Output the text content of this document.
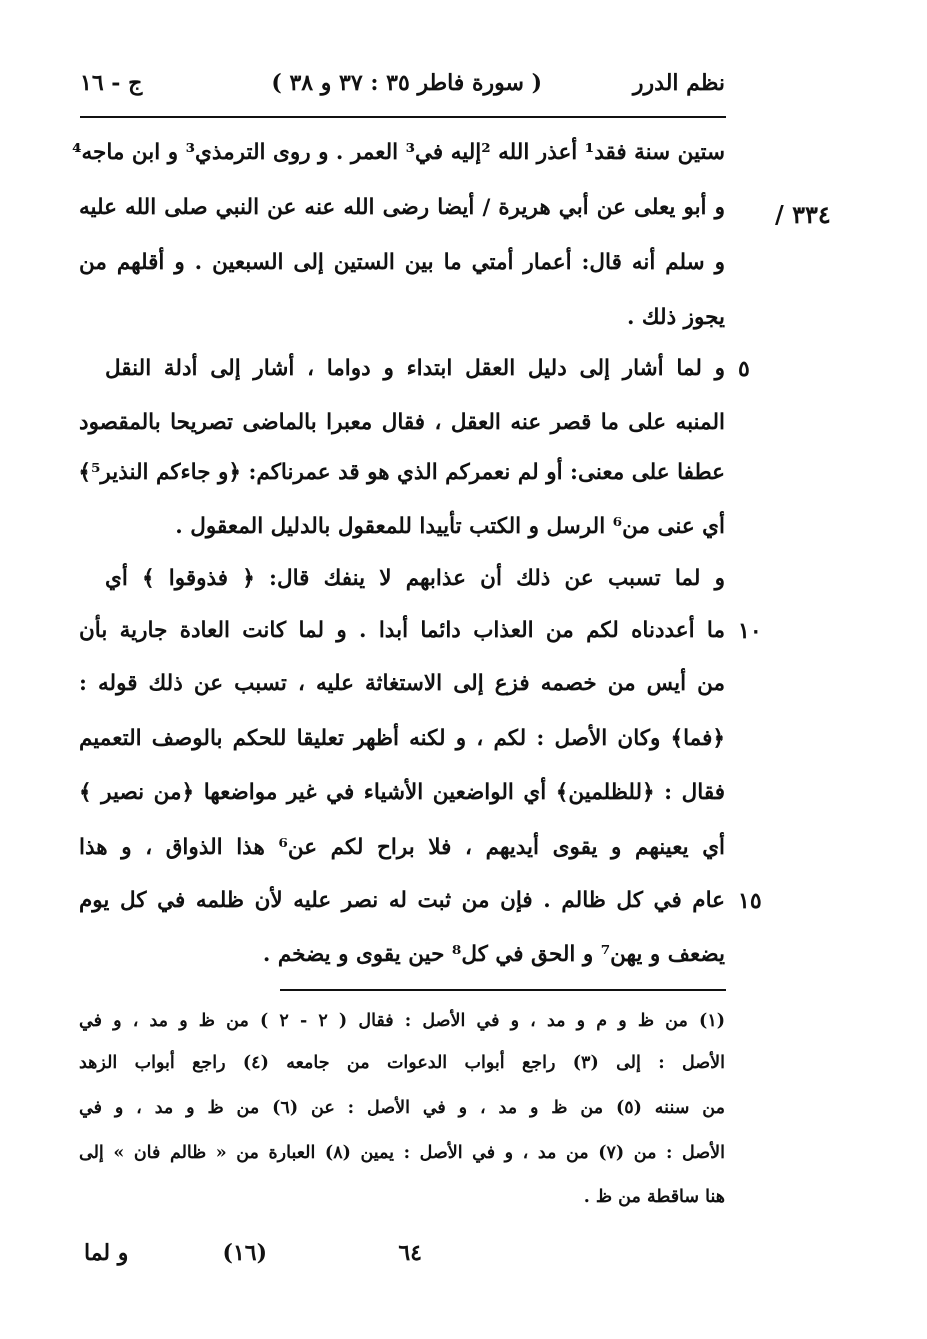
نظم الدرر
( سورة فاطر ٣٥ : ٣٧ و ٣٨ )
ج - ١٦
٣٣٤ /
٥
١٠
١٥
ستين سنة فقد¹ أعذر الله ²إليه في³ العمر . و روى الترمذي³ و ابن ماجه⁴
و أبو يعلى عن أبي هريرة / أيضا رضى الله عنه عن النبي صلى الله عليه
و سلم أنه قال: أعمار أمتي ما بين الستين إلى السبعين . و أقلهم من
يجوز ذلك .
و لما أشار إلى دليل العقل ابتداء و دواما ، أشار إلى أدلة النقل
المنبه على ما قصر عنه العقل ، فقال معبرا بالماضى تصريحا بالمقصود
عطفا على معنى: أو لم نعمركم الذي هو قد عمرناكم: ﴿و جاءكم النذير⁵﴾
أي عنى من⁶ الرسل و الكتب تأييدا للمعقول بالدليل المعقول .
و لما تسبب عن ذلك أن عذابهم لا ينفك قال: ﴿ فذوقوا ﴾ أي
ما أعددناه لكم من العذاب دائما أبدا . و لما كانت العادة جارية بأن
من أيس من خصمه فزع إلى الاستغاثة عليه ، تسبب عن ذلك قوله :
﴿فما﴾ وكان الأصل : لكم ، و لكنه أظهر تعليقا للحكم بالوصف التعميم
فقال : ﴿للظلمين﴾ أي الواضعين الأشياء في غير مواضعها ﴿من نصير ﴾
أي يعينهم و يقوى أيديهم ، فلا براح لكم عن⁶ هذا الذواق ، و هذا
عام في كل ظالم . فإن من ثبت له نصر عليه لأن ظلمه في كل يوم
يضعف و يهن⁷ و الحق في كل⁸ حين يقوى و يضخم .
(١) من ظ و م و مد ، و في الأصل : فقال ( ٢ - ٢ ) من ظ و مد ، و في
الأصل : إلى (٣) راجع أبواب الدعوات من جامعه (٤) راجع أبواب الزهد
من سننه (٥) من ظ و مد ، و في الأصل : عن (٦) من ظ و مد ، و في
الأصل : من (٧) من مد ، و في الأصل : يمين (٨) العبارة من « ظالم فان » إلى
هنا ساقطة من ظ .
٦٤
(١٦)
و لما
